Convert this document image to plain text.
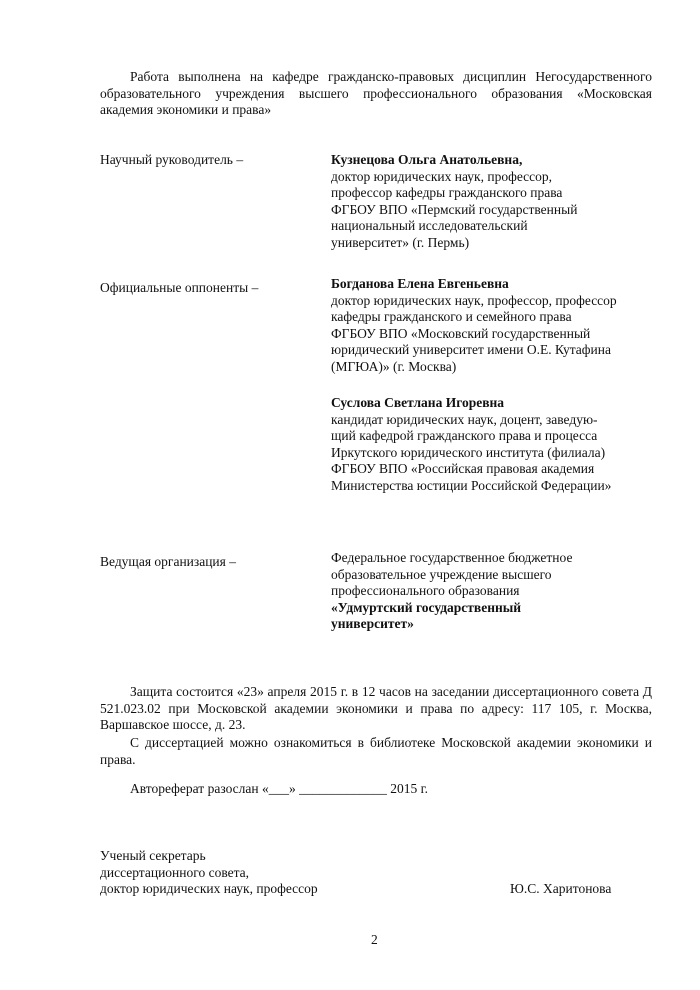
Работа выполнена на кафедре гражданско-правовых дисциплин Негосударственного образовательного учреждения высшего профессионального образования «Московская академия экономики и права»
Научный руководитель –	Кузнецова Ольга Анатольевна,
доктор юридических наук, профессор,
профессор кафедры гражданского права
ФГБОУ ВПО «Пермский государственный
национальный исследовательский
университет» (г. Пермь)
Официальные оппоненты –	Богданова Елена Евгеньевна
доктор юридических наук, профессор, профессор
кафедры гражданского и семейного права
ФГБОУ ВПО «Московский государственный
юридический университет имени О.Е. Кутафина
(МГЮА)» (г. Москва)
Суслова Светлана Игоревна
кандидат юридических наук, доцент, заведую-
щий кафедрой гражданского права и процесса
Иркутского юридического института (филиала)
ФГБОУ ВПО «Российская правовая академия
Министерства юстиции Российской Федерации»
Ведущая организация –	Федеральное государственное бюджетное
образовательное учреждение высшего
профессионального образования
«Удмуртский государственный
университет»
Защита состоится «23» апреля 2015 г. в 12 часов на заседании диссертационного совета Д 521.023.02 при Московской академии экономики и права по адресу: 117 105, г. Москва, Варшавское шоссе, д. 23.
С диссертацией можно ознакомиться в библиотеке Московской академии экономики и права.
Автореферат разослан «___» _____________ 2015 г.
Ученый секретарь
диссертационного совета,
доктор юридических наук, профессор	Ю.С. Харитонова
2
